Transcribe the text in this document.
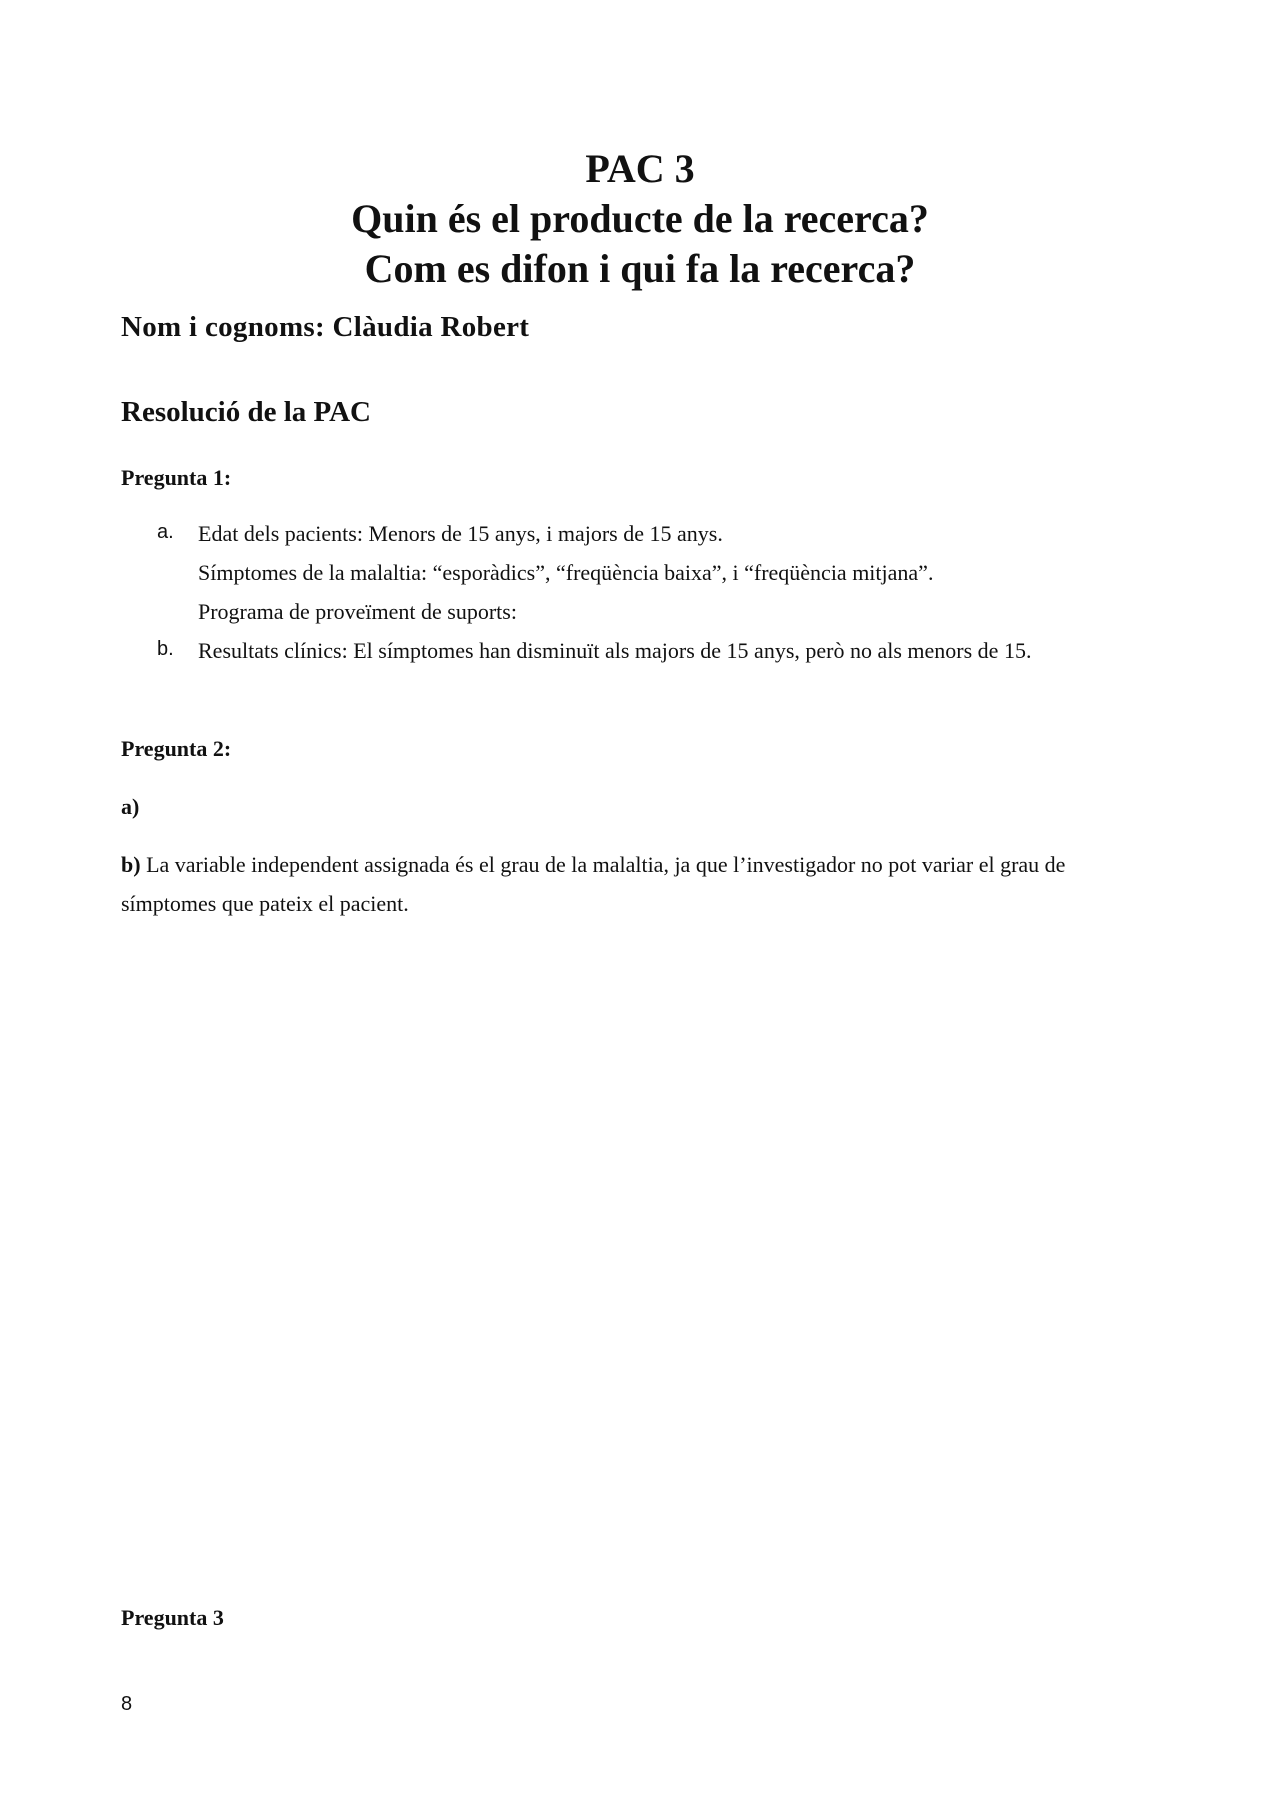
PAC 3
Quin és el producte de la recerca?
Com es difon i qui fa la recerca?
Nom i cognoms: Clàudia Robert
Resolució de la PAC
Pregunta 1:
a. Edat dels pacients: Menors de 15 anys, i majors de 15 anys.
Símptomes de la malaltia: “esporàdics”, “freqüència baixa”, i “freqüència mitjana”.
Programa de proveïment de suports:
b. Resultats clínics: El símptomes han disminuït als majors de 15 anys, però no als menors de 15.
Pregunta 2:
a)
b) La variable independent assignada és el grau de la malaltia, ja que l’investigador no pot variar el grau de símptomes que pateix el pacient.
Pregunta 3
8
